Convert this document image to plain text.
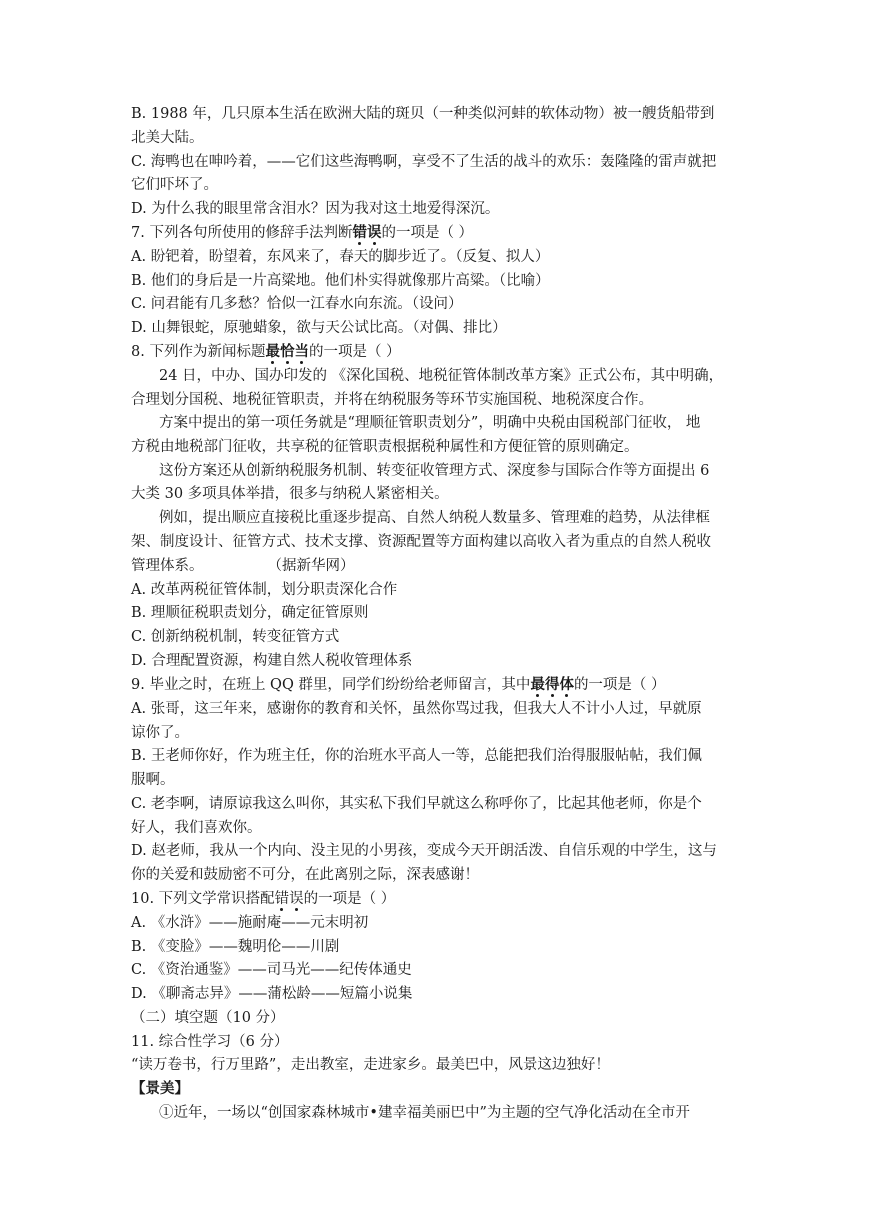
B. 1988 年，几只原本生活在欧洲大陆的斑贝（一种类似河蚌的软体动物）被一艘货船带到
北美大陆。
C. 海鸭也在呻吟着，——它们这些海鸭啊，享受不了生活的战斗的欢乐：轰隆隆的雷声就把
它们吓坏了。
D. 为什么我的眼里常含泪水？因为我对这土地爱得深沉。
7. 下列各句所使用的修辞手法判断错误的一项是（ ）
A. 盼钯着，盼望着，东风来了，春天的脚步近了。（反复、拟人）
B. 他们的身后是一片高粱地。他们朴实得就像那片高粱。（比喻）
C. 问君能有几多愁？恰似一江春水向东流。（设问）
D. 山舞银蛇，原驰蜡象，欲与天公试比高。（对偶、排比）
8. 下列作为新闻标题最恰当的一项是（ ）
24 日，中办、国办印发的 《深化国税、地税征管体制改革方案》正式公布，其中明确，
合理划分国税、地税征管职责，并将在纳税服务等环节实施国税、地税深度合作。
方案中提出的第一项任务就是“理顺征管职责划分”，明确中央税由国税部门征收， 地
方税由地税部门征收，共享税的征管职责根据税种属性和方便征管的原则确定。
这份方案还从创新纳税服务机制、转变征收管理方式、深度参与国际合作等方面提出 6
大类 30 多项具体举措，很多与纳税人紧密相关。
例如，提出顺应直接税比重逐步提高、自然人纳税人数量多、管理难的趋势，从法律框
架、制度设计、征管方式、技术支撑、资源配置等方面构建以高收入者为重点的自然人税收
管理体系。	（据新华网）
A. 改革两税征管体制，划分职责深化合作
B. 理顺征税职责划分，确定征管原则
C. 创新纳税机制，转变征管方式
D. 合理配置资源，构建自然人税收管理体系
9. 毕业之时，在班上 QQ 群里，同学们纷纷给老师留言，其中最得体的一项是（ ）
A. 张哥，这三年来，感谢你的教育和关怀，虽然你骂过我，但我大人不计小人过，早就原
谅你了。
B. 王老师你好，作为班主任，你的治班水平高人一等，总能把我们治得服服帖帖，我们佩
服啊。
C. 老李啊，请原谅我这么叫你，其实私下我们早就这么称呼你了，比起其他老师，你是个
好人，我们喜欢你。
D. 赵老师，我从一个内向、没主见的小男孩，变成今天开朗活泼、自信乐观的中学生，这与
你的关爱和鼓励密不可分，在此离别之际，深表感谢！
10. 下列文学常识搭配错误的一项是（ ）
A. 《水浒》——施耐庵——元末明初
B. 《变脸》——魏明伦——川剧
C. 《资治通鉴》——司马光——纪传体通史
D. 《聊斋志异》——蒲松龄——短篇小说集
（二）填空题（10 分）
11. 综合性学习（6 分）
“读万卷书，行万里路”，走出教室，走进家乡。最美巴中，风景这边独好！
【景美】
①近年，一场以“创国家森林城市•建幸福美丽巴中”为主题的空气净化活动在全市开
